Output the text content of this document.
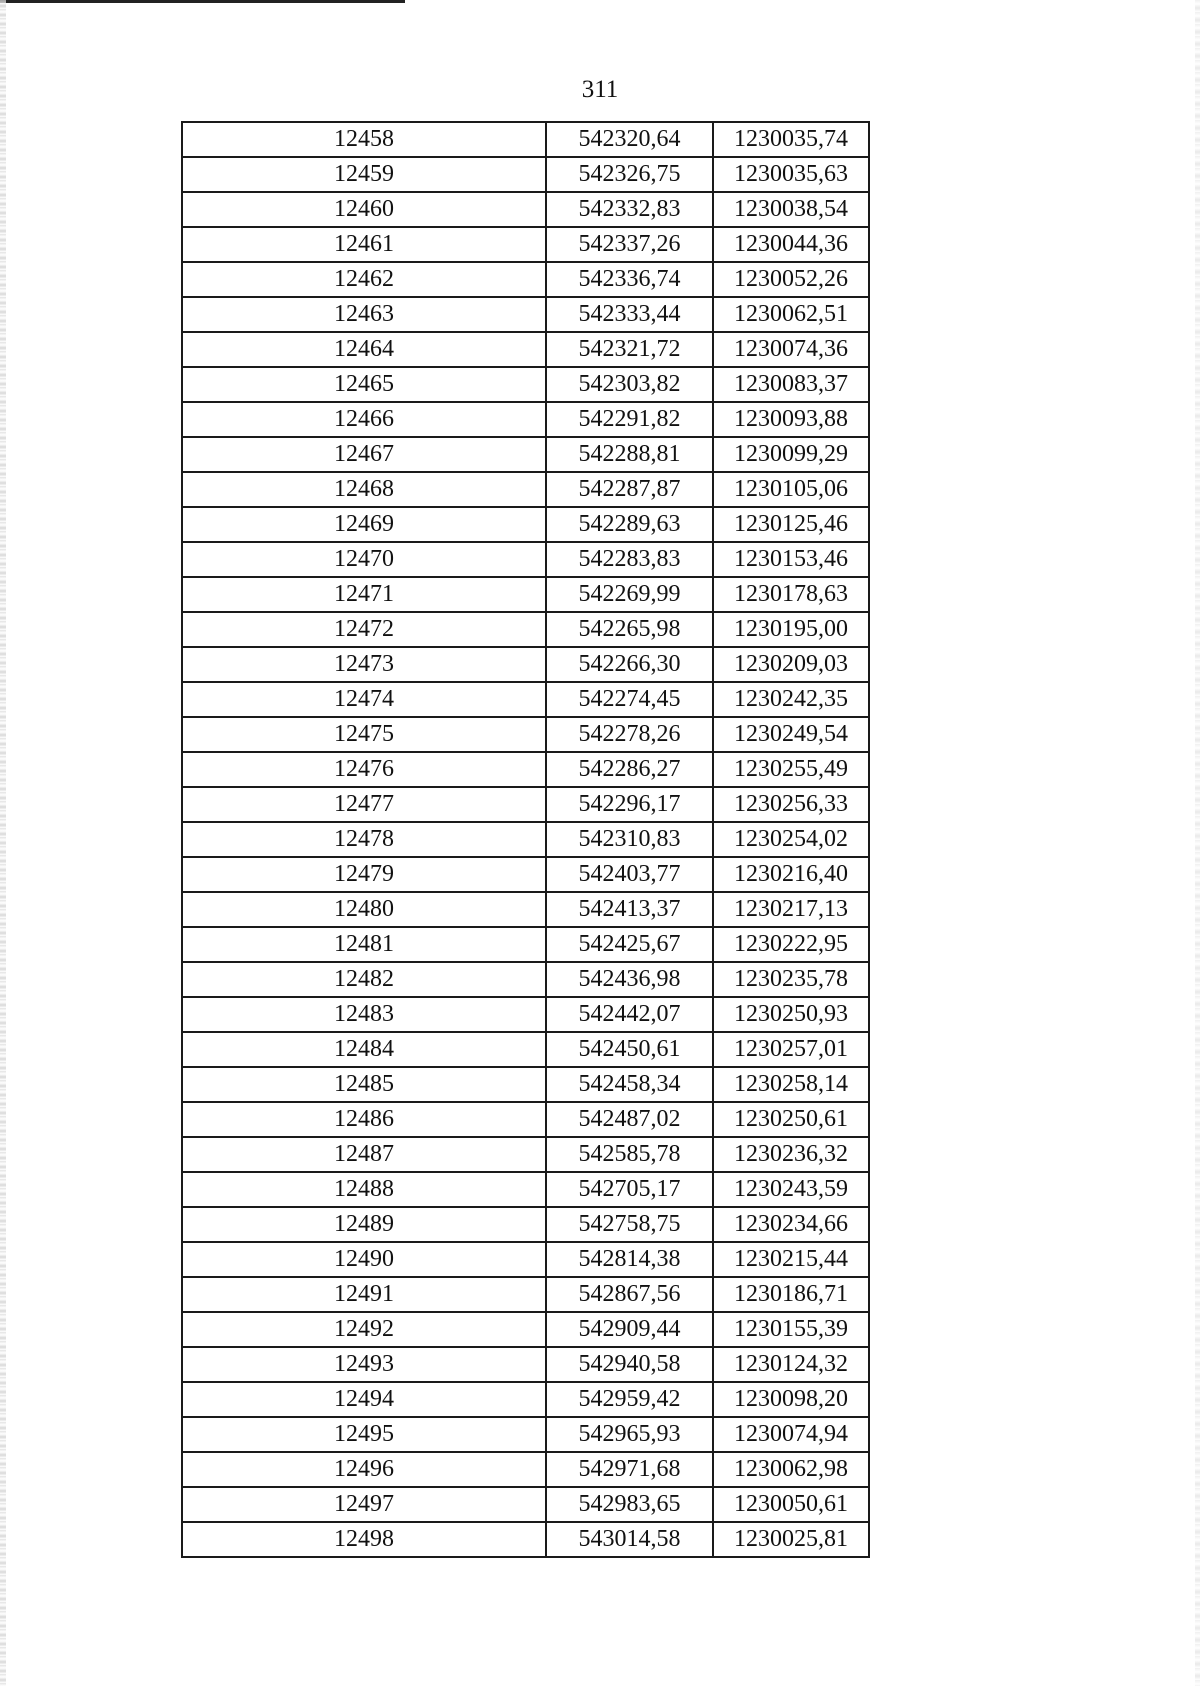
311
12458	542320,64	1230035,74
12459	542326,75	1230035,63
12460	542332,83	1230038,54
12461	542337,26	1230044,36
12462	542336,74	1230052,26
12463	542333,44	1230062,51
12464	542321,72	1230074,36
12465	542303,82	1230083,37
12466	542291,82	1230093,88
12467	542288,81	1230099,29
12468	542287,87	1230105,06
12469	542289,63	1230125,46
12470	542283,83	1230153,46
12471	542269,99	1230178,63
12472	542265,98	1230195,00
12473	542266,30	1230209,03
12474	542274,45	1230242,35
12475	542278,26	1230249,54
12476	542286,27	1230255,49
12477	542296,17	1230256,33
12478	542310,83	1230254,02
12479	542403,77	1230216,40
12480	542413,37	1230217,13
12481	542425,67	1230222,95
12482	542436,98	1230235,78
12483	542442,07	1230250,93
12484	542450,61	1230257,01
12485	542458,34	1230258,14
12486	542487,02	1230250,61
12487	542585,78	1230236,32
12488	542705,17	1230243,59
12489	542758,75	1230234,66
12490	542814,38	1230215,44
12491	542867,56	1230186,71
12492	542909,44	1230155,39
12493	542940,58	1230124,32
12494	542959,42	1230098,20
12495	542965,93	1230074,94
12496	542971,68	1230062,98
12497	542983,65	1230050,61
12498	543014,58	1230025,81
